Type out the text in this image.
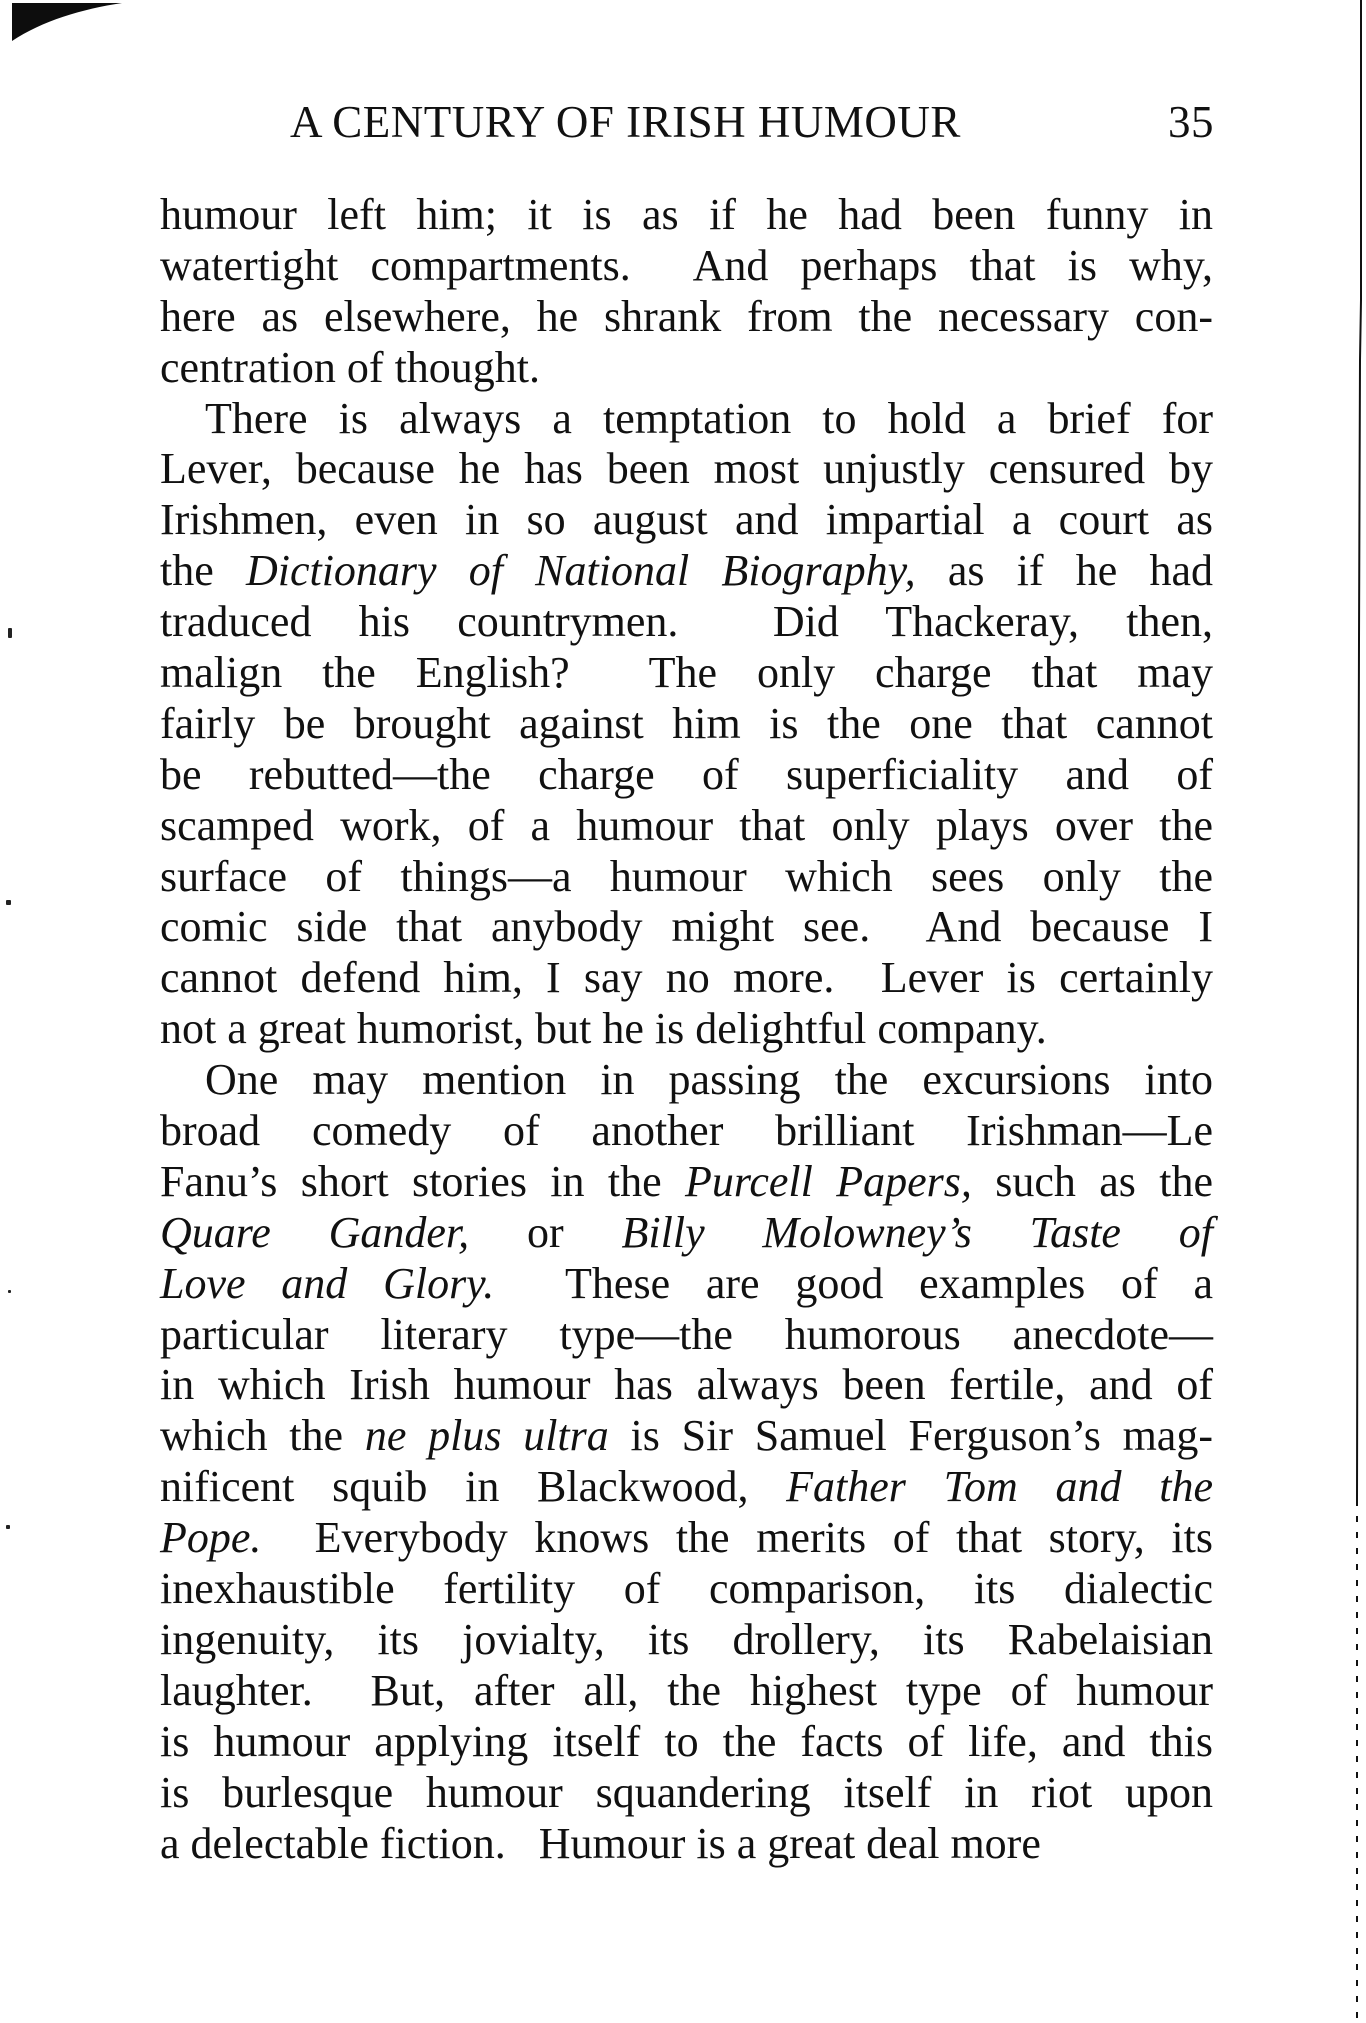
A CENTURY OF IRISH HUMOUR	35
humour left him; it is as if he had been funny in
watertight compartments.  And perhaps that is why,
here as elsewhere, he shrank from the necessary con-
centration of thought.
There is always a temptation to hold a brief for
Lever, because he has been most unjustly censured by
Irishmen, even in so august and impartial a court as
the Dictionary of National Biography, as if he had
traduced his countrymen.  Did Thackeray, then,
malign the English?  The only charge that may
fairly be brought against him is the one that cannot
be rebutted—the charge of superficiality and of
scamped work, of a humour that only plays over the
surface of things—a humour which sees only the
comic side that anybody might see.  And because I
cannot defend him, I say no more.  Lever is certainly
not a great humorist, but he is delightful company.
One may mention in passing the excursions into
broad comedy of another brilliant Irishman—Le
Fanu’s short stories in the Purcell Papers, such as the
Quare Gander, or Billy Molowney’s Taste of
Love and Glory.  These are good examples of a
particular literary type—the humorous anecdote—
in which Irish humour has always been fertile, and of
which the ne plus ultra is Sir Samuel Ferguson’s mag-
nificent squib in Blackwood, Father Tom and the
Pope.  Everybody knows the merits of that story, its
inexhaustible fertility of comparison, its dialectic
ingenuity, its jovialty, its drollery, its Rabelaisian
laughter.  But, after all, the highest type of humour
is humour applying itself to the facts of life, and this
is burlesque humour squandering itself in riot upon
a delectable fiction.   Humour is a great deal more
